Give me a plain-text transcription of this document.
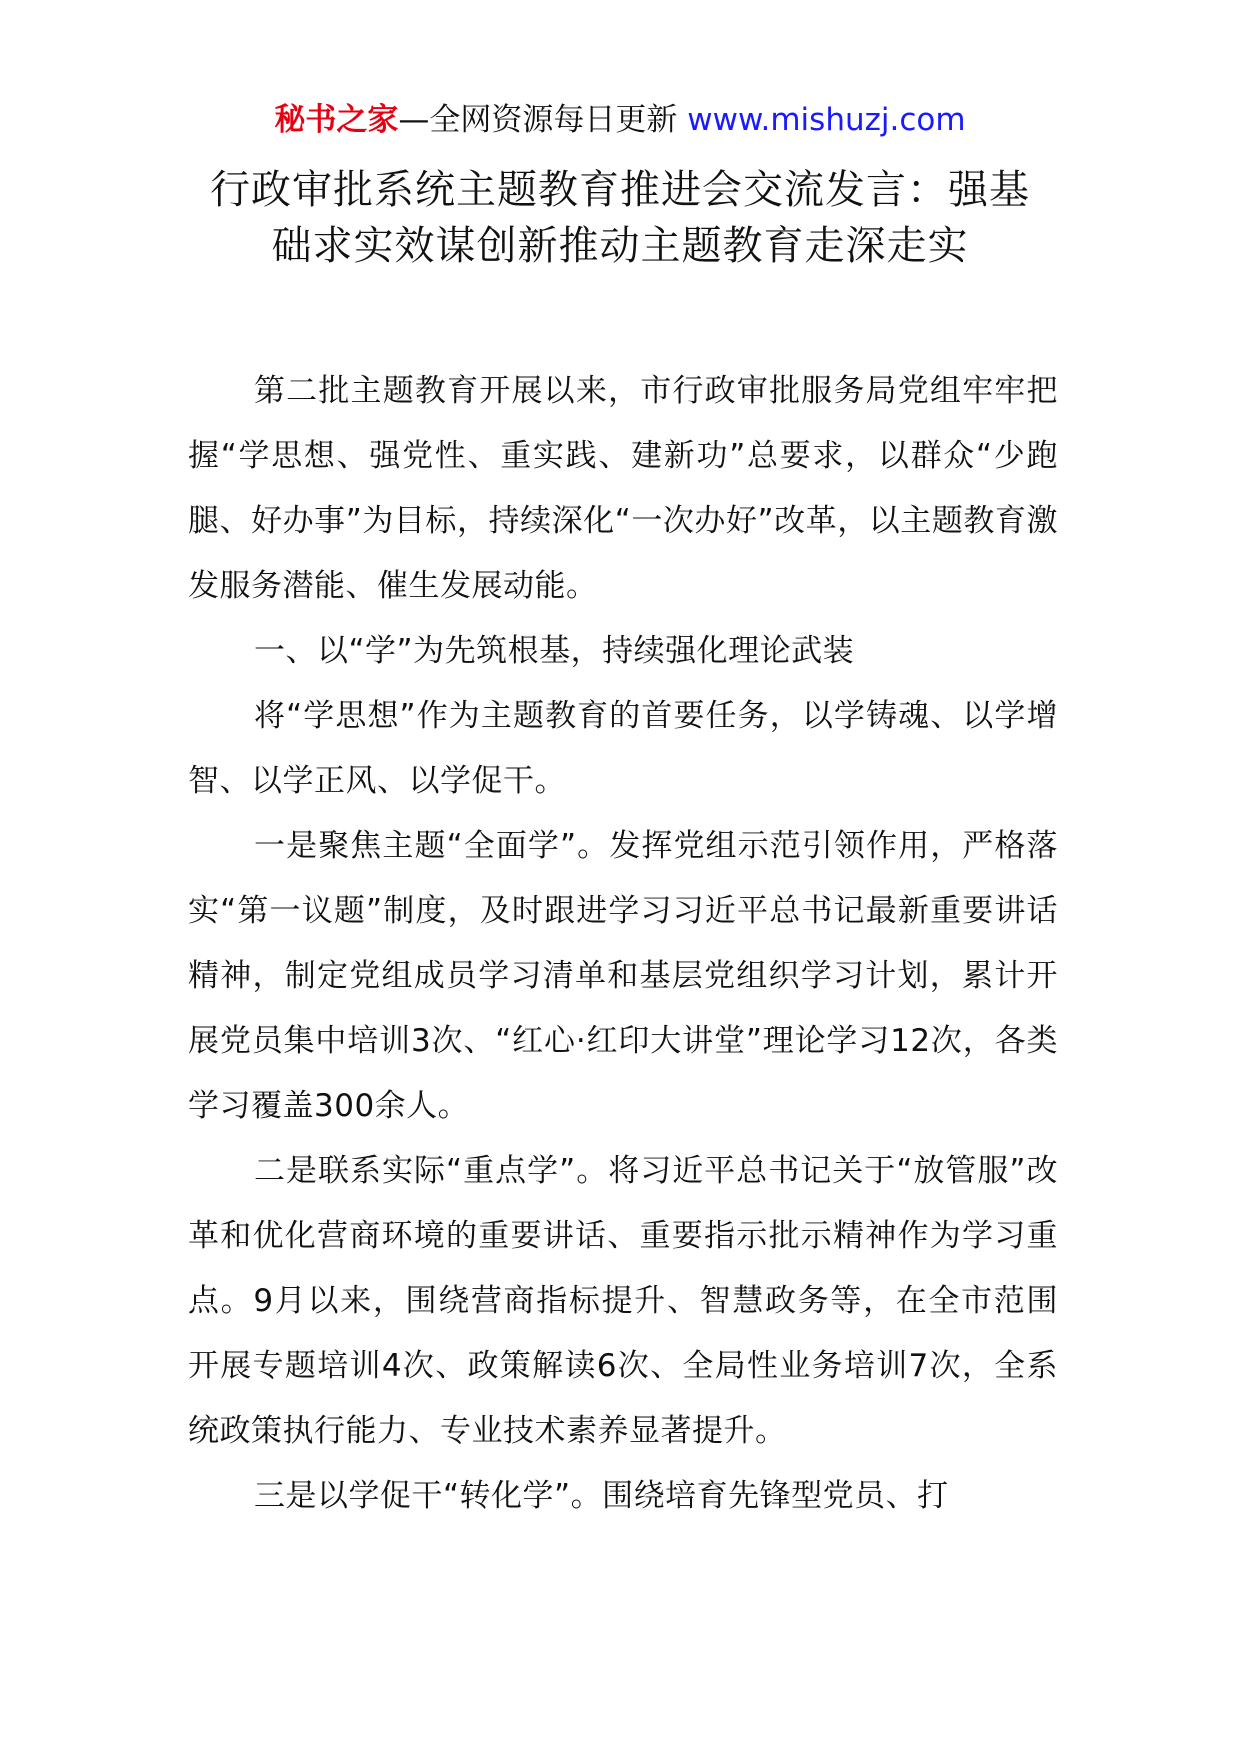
秘书之家—全网资源每日更新 www.mishuzj.com
行政审批系统主题教育推进会交流发言：强基
础求实效谋创新推动主题教育走深走实

第二批主题教育开展以来，市行政审批服务局党组牢牢把握“学思想、强党性、重实践、建新功”总要求，以群众“少跑腿、好办事”为目标，持续深化“一次办好”改革，以主题教育激发服务潜能、催生发展动能。

一、以“学”为先筑根基，持续强化理论武装

将“学思想”作为主题教育的首要任务，以学铸魂、以学增智、以学正风、以学促干。

一是聚焦主题“全面学”。发挥党组示范引领作用，严格落实“第一议题”制度，及时跟进学习习近平总书记最新重要讲话精神，制定党组成员学习清单和基层党组织学习计划，累计开展党员集中培训3次、“红心·红印大讲堂”理论学习12次，各类学习覆盖300余人。

二是联系实际“重点学”。将习近平总书记关于“放管服”改革和优化营商环境的重要讲话、重要指示批示精神作为学习重点。9月以来，围绕营商指标提升、智慧政务等，在全市范围开展专题培训4次、政策解读6次、全局性业务培训7次，全系统政策执行能力、专业技术素养显著提升。

三是以学促干“转化学”。围绕培育先锋型党员、打
